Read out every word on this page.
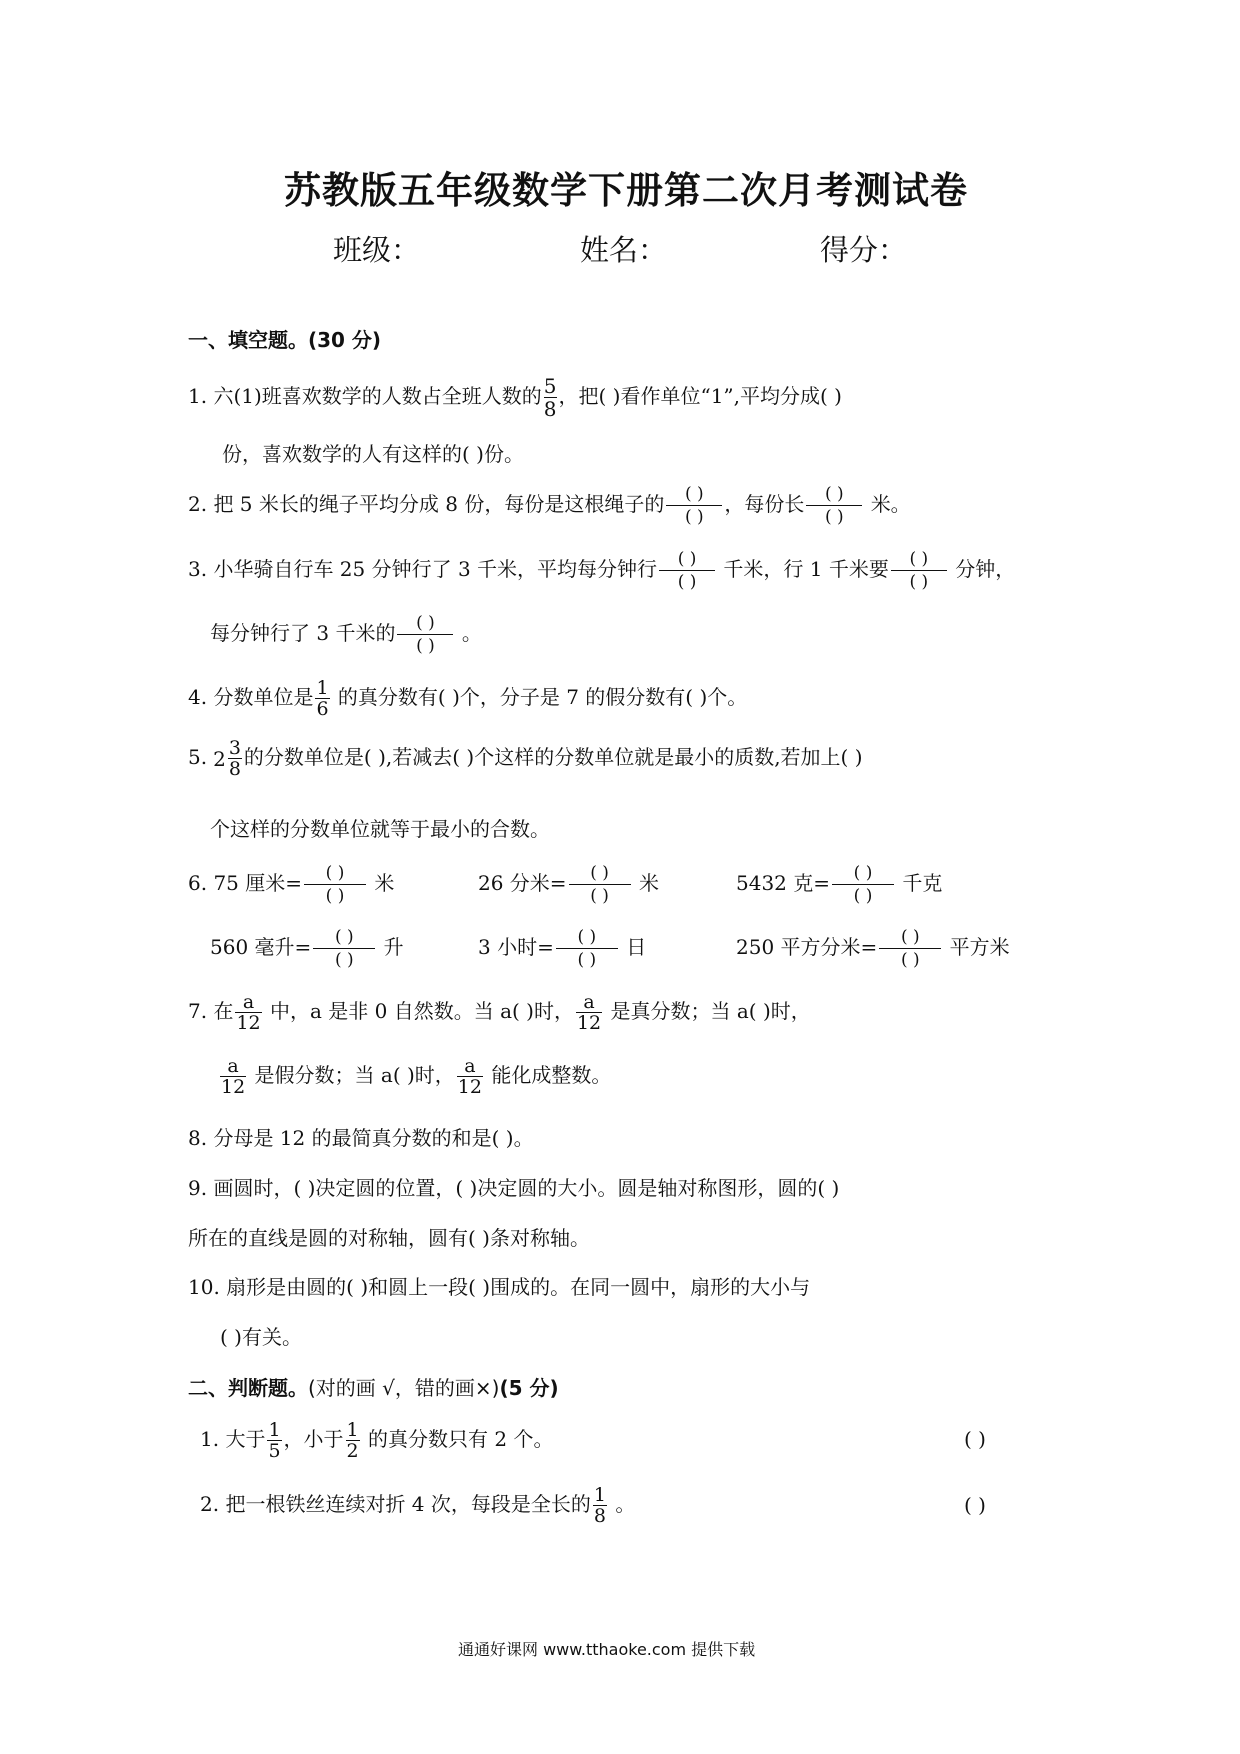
苏教版五年级数学下册第二次月考测试卷
班级：	姓名：	得分：
一、填空题。(30 分)
1. 六(1)班喜欢数学的人数占全班人数的 $\frac{5}{8}$ ，把( )看作单位“1”,平均分成( )
份，喜欢数学的人有这样的( )份。
2. 把 5 米长的绳子平均分成 8 份，每份是这根绳子的 $\frac{( )}{( )}$ ，每份长 $\frac{( )}{( )}$ 米。
3. 小华骑自行车 25 分钟行了 3 千米，平均每分钟行 $\frac{( )}{( )}$ 千米，行 1 千米要 $\frac{( )}{( )}$ 分钟，
每分钟行了 3 千米的 $\frac{( )}{( )}$ 。
4. 分数单位是 $\frac{1}{6}$ 的真分数有( )个，分子是 7 的假分数有( )个。
5. $2 \frac{3}{8}$ 的分数单位是( ),若减去( )个这样的分数单位就是最小的质数,若加上( )
个这样的分数单位就等于最小的合数。
6. 75 厘米= $\frac{( )}{( )}$ 米	26 分米= $\frac{( )}{( )}$ 米	5432 克= $\frac{( )}{( )}$ 千克
560 毫升= $\frac{( )}{( )}$ 升	3 小时= $\frac{( )}{( )}$ 日	250 平方分米= $\frac{( )}{( )}$ 平方米
7. 在 $\frac{a}{12}$ 中，a 是非 0 自然数。当 a( )时， $\frac{a}{12}$ 是真分数；当 a( )时，
$\frac{a}{12}$ 是假分数；当 a( )时， $\frac{a}{12}$ 能化成整数。
8. 分母是 12 的最简真分数的和是( )。
9. 画圆时，( )决定圆的位置，( )决定圆的大小。圆是轴对称图形，圆的( )
所在的直线是圆的对称轴，圆有( )条对称轴。
10. 扇形是由圆的( )和圆上一段( )围成的。在同一圆中，扇形的大小与
( )有关。
二、判断题。(对的画 √，错的画×)(5 分)
1. 大于 $\frac{1}{5}$ ，小于 $\frac{1}{2}$ 的真分数只有 2 个。	( )
2. 把一根铁丝连续对折 4 次，每段是全长的 $\frac{1}{8}$ 。	( )
通通好课网 www.tthaoke.com 提供下载
